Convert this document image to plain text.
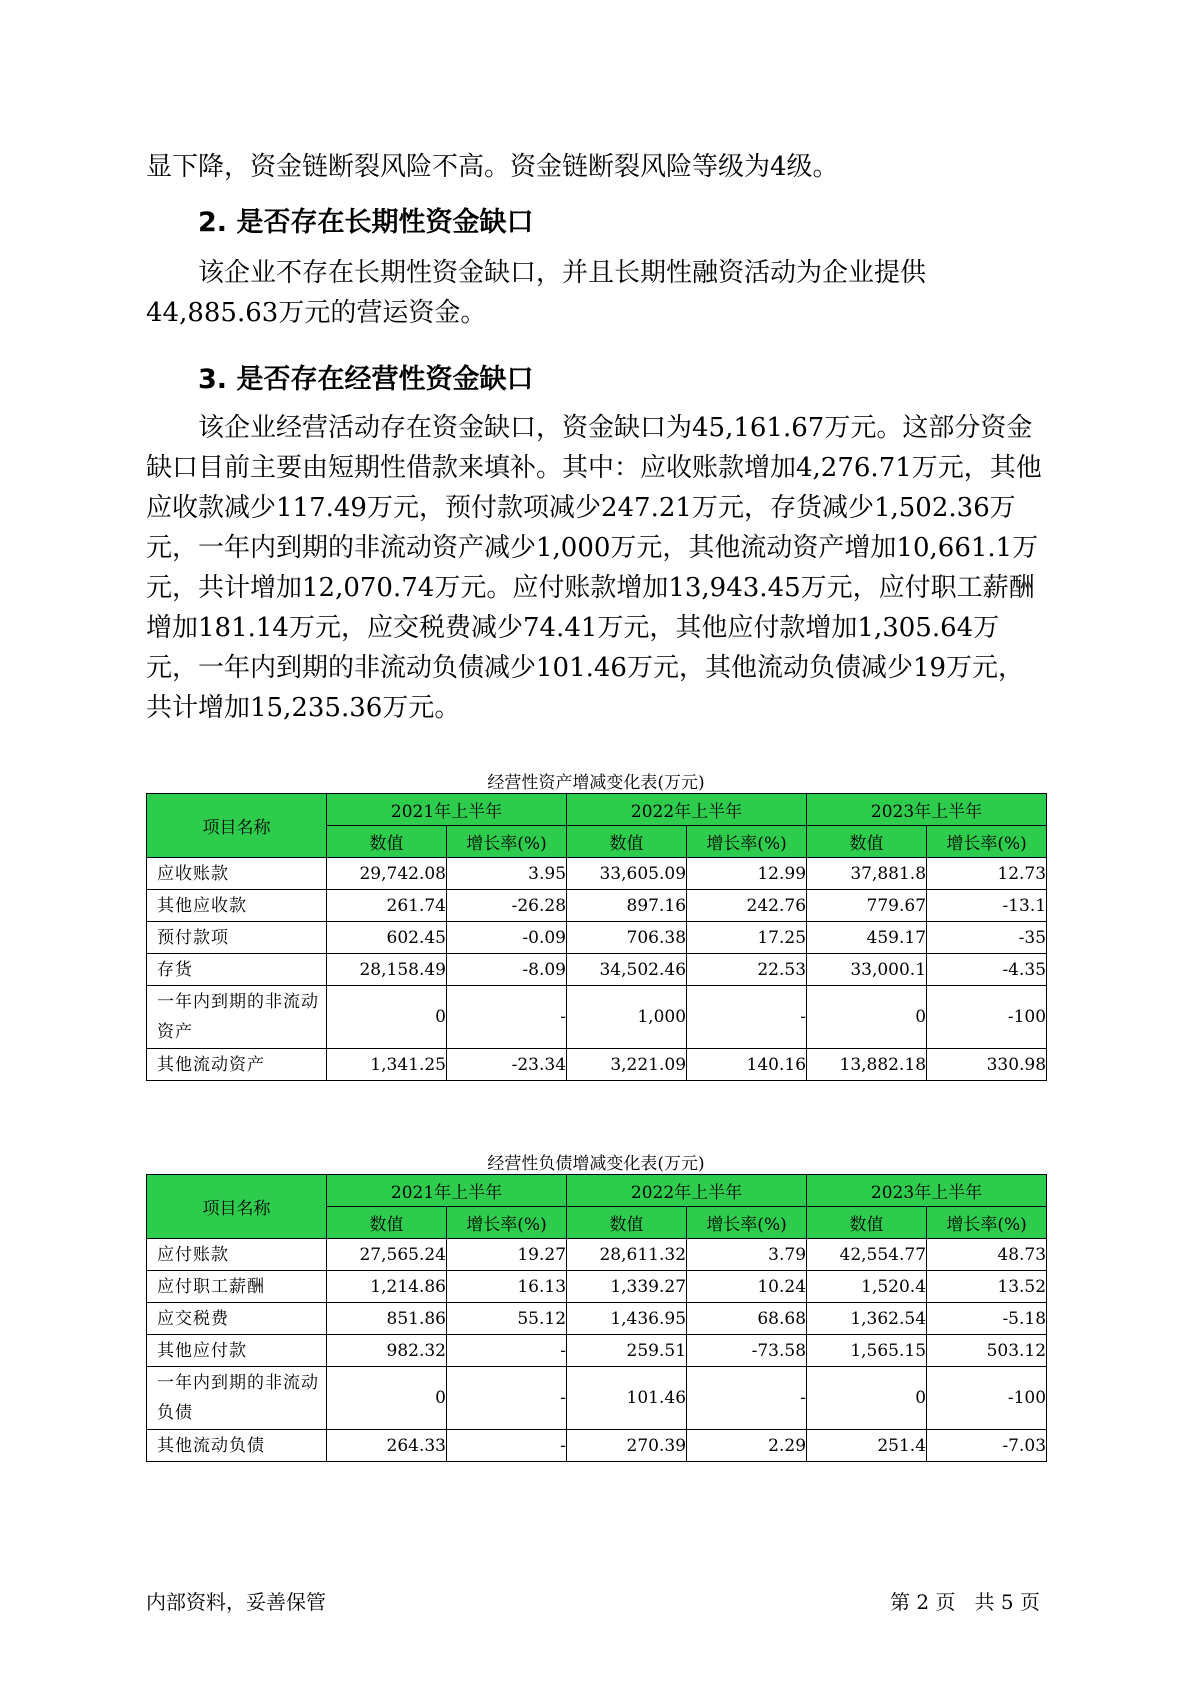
显下降，资金链断裂风险不高。资金链断裂风险等级为4级。

2. 是否存在长期性资金缺口

该企业不存在长期性资金缺口，并且长期性融资活动为企业提供44,885.63万元的营运资金。

3. 是否存在经营性资金缺口

该企业经营活动存在资金缺口，资金缺口为45,161.67万元。这部分资金缺口目前主要由短期性借款来填补。其中：应收账款增加4,276.71万元，其他应收款减少117.49万元，预付款项减少247.21万元，存货减少1,502.36万元，一年内到期的非流动资产减少1,000万元，其他流动资产增加10,661.1万元，共计增加12,070.74万元。应付账款增加13,943.45万元，应付职工薪酬增加181.14万元，应交税费减少74.41万元，其他应付款增加1,305.64万元，一年内到期的非流动负债减少101.46万元，其他流动负债减少19万元，共计增加15,235.36万元。

经营性资产增减变化表(万元)

项目名称	2021年上半年		2022年上半年		2023年上半年	
	数值	增长率(%)	数值	增长率(%)	数值	增长率(%)
应收账款	29,742.08	3.95	33,605.09	12.99	37,881.8	12.73
其他应收款	261.74	-26.28	897.16	242.76	779.67	-13.1
预付款项	602.45	-0.09	706.38	17.25	459.17	-35
存货	28,158.49	-8.09	34,502.46	22.53	33,000.1	-4.35
一年内到期的非流动资产	0	-	1,000	-	0	-100
其他流动资产	1,341.25	-23.34	3,221.09	140.16	13,882.18	330.98

经营性负债增减变化表(万元)

项目名称	2021年上半年		2022年上半年		2023年上半年	
	数值	增长率(%)	数值	增长率(%)	数值	增长率(%)
应付账款	27,565.24	19.27	28,611.32	3.79	42,554.77	48.73
应付职工薪酬	1,214.86	16.13	1,339.27	10.24	1,520.4	13.52
应交税费	851.86	55.12	1,436.95	68.68	1,362.54	-5.18
其他应付款	982.32	-	259.51	-73.58	1,565.15	503.12
一年内到期的非流动负债	0	-	101.46	-	0	-100
其他流动负债	264.33	-	270.39	2.29	251.4	-7.03

内部资料，妥善保管	第 2 页   共 5 页
